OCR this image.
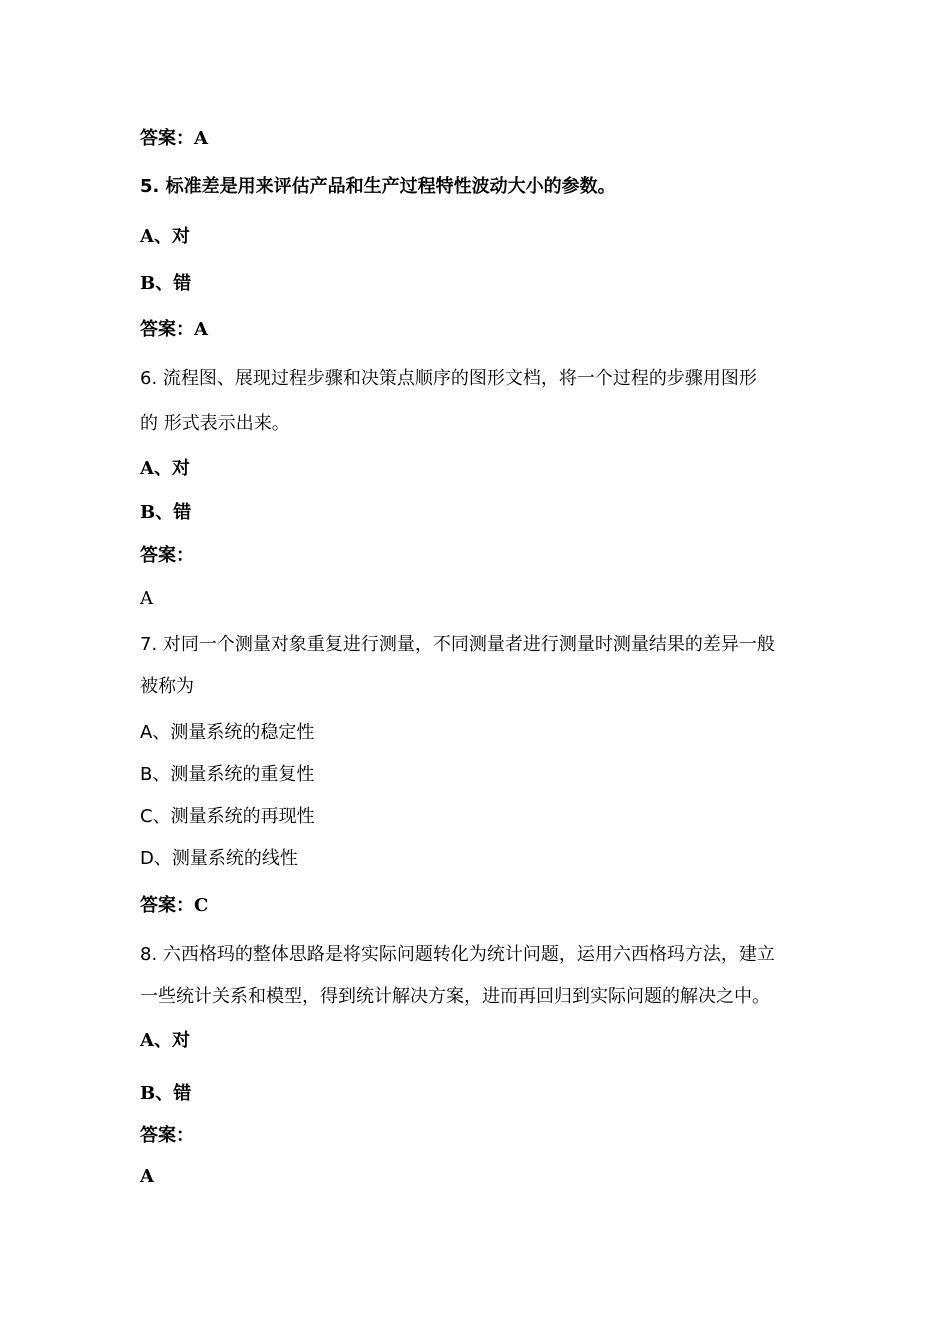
答案：A
5. 标准差是用来评估产品和生产过程特性波动大小的参数。
A、对
B、错
答案：A
6. 流程图、展现过程步骤和决策点顺序的图形文档，将一个过程的步骤用图形
的 形式表示出来。
A、对
B、错
答案：
A
7. 对同一个测量对象重复进行测量，不同测量者进行测量时测量结果的差异一般
被称为
A、测量系统的稳定性
B、测量系统的重复性
C、测量系统的再现性
D、测量系统的线性
答案：C
8. 六西格玛的整体思路是将实际问题转化为统计问题，运用六西格玛方法，建立
一些统计关系和模型，得到统计解决方案，进而再回归到实际问题的解决之中。
A、对
B、错
答案：
A
